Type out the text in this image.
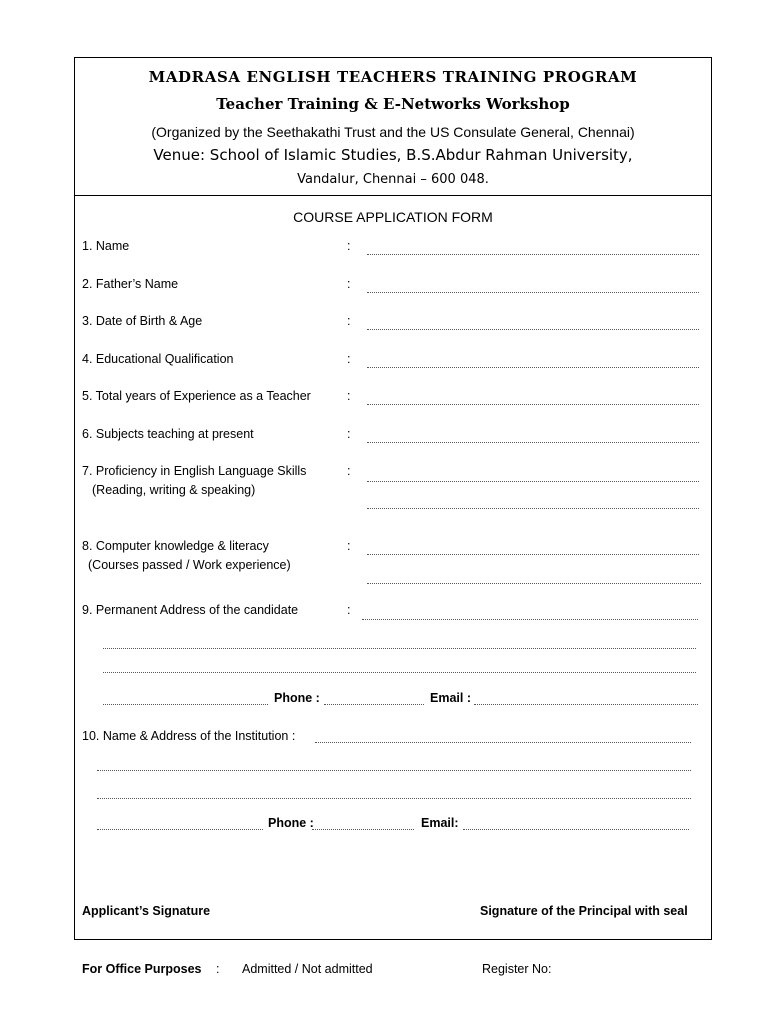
MADRASA ENGLISH TEACHERS TRAINING PROGRAM
Teacher Training & E-Networks Workshop
(Organized by the Seethakathi Trust and the US Consulate General, Chennai)
Venue: School of Islamic Studies, B.S.Abdur Rahman University,
Vandalur, Chennai – 600 048.
COURSE APPLICATION FORM
1. Name	:
2. Father’s Name	:
3. Date of Birth & Age	:
4. Educational Qualification	:
5. Total years of Experience as a Teacher	:
6. Subjects teaching at present	:
7. Proficiency in English Language Skills
(Reading, writing & speaking)
:
8. Computer knowledge & literacy
(Courses passed / Work experience)
:
9. Permanent Address of the candidate	:
Phone :	Email :
10. Name & Address of the Institution :
Phone :	Email:
Applicant’s Signature	Signature of the Principal with seal
For Office Purposes : Admitted / Not admitted	Register No:
